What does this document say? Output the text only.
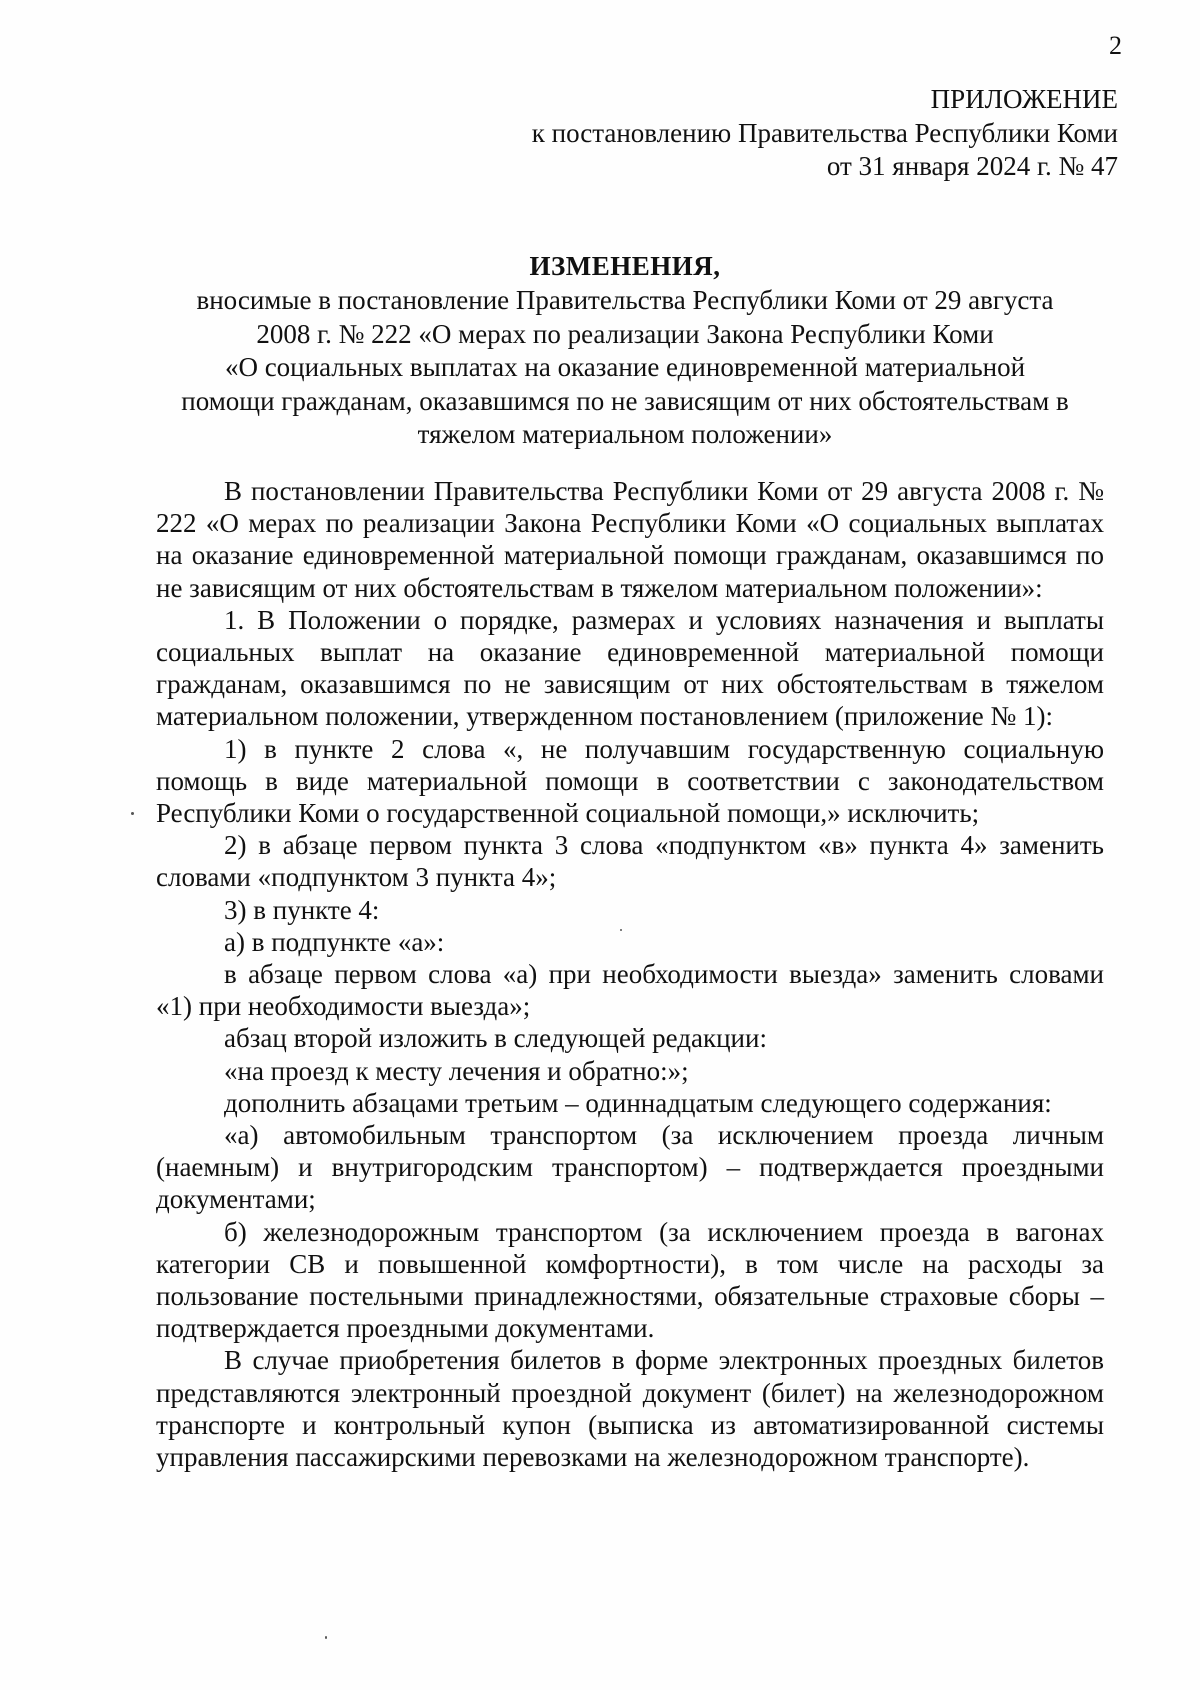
2
ПРИЛОЖЕНИЕ
к постановлению Правительства Республики Коми
от 31 января 2024 г. № 47
ИЗМЕНЕНИЯ,
вносимые в постановление Правительства Республики Коми от 29 августа
2008 г. № 222 «О мерах по реализации Закона Республики Коми
«О социальных выплатах на оказание единовременной материальной
помощи гражданам, оказавшимся по не зависящим от них обстоятельствам в
тяжелом материальном положении»

В постановлении Правительства Республики Коми от 29 августа 2008 г. № 222 «О мерах по реализации Закона Республики Коми «О социальных выплатах на оказание единовременной материальной помощи гражданам, оказавшимся по не зависящим от них обстоятельствам в тяжелом материальном положении»:

1. В Положении о порядке, размерах и условиях назначения и выплаты социальных выплат на оказание единовременной материальной помощи гражданам, оказавшимся по не зависящим от них обстоятельствам в тяжелом материальном положении, утвержденном постановлением (приложение № 1):

1) в пункте 2 слова «, не получавшим государственную социальную помощь в виде материальной помощи в соответствии с законодательством Республики Коми о государственной социальной помощи,» исключить;

2) в абзаце первом пункта 3 слова «подпунктом «в» пункта 4» заменить словами «подпунктом 3 пункта 4»;

3) в пункте 4:

а) в подпункте «а»:

в абзаце первом слова «а) при необходимости выезда» заменить словами «1) при необходимости выезда»;

абзац второй изложить в следующей редакции:

«на проезд к месту лечения и обратно:»;

дополнить абзацами третьим – одиннадцатым следующего содержания:

«а) автомобильным транспортом (за исключением проезда личным (наемным) и внутригородским транспортом) – подтверждается проездными документами;

б) железнодорожным транспортом (за исключением проезда в вагонах категории СВ и повышенной комфортности), в том числе на расходы за пользование постельными принадлежностями, обязательные страховые сборы – подтверждается проездными документами.

В случае приобретения билетов в форме электронных проездных билетов представляются электронный проездной документ (билет) на железнодорожном транспорте и контрольный купон (выписка из автоматизированной системы управления пассажирскими перевозками на железнодорожном транспорте).
